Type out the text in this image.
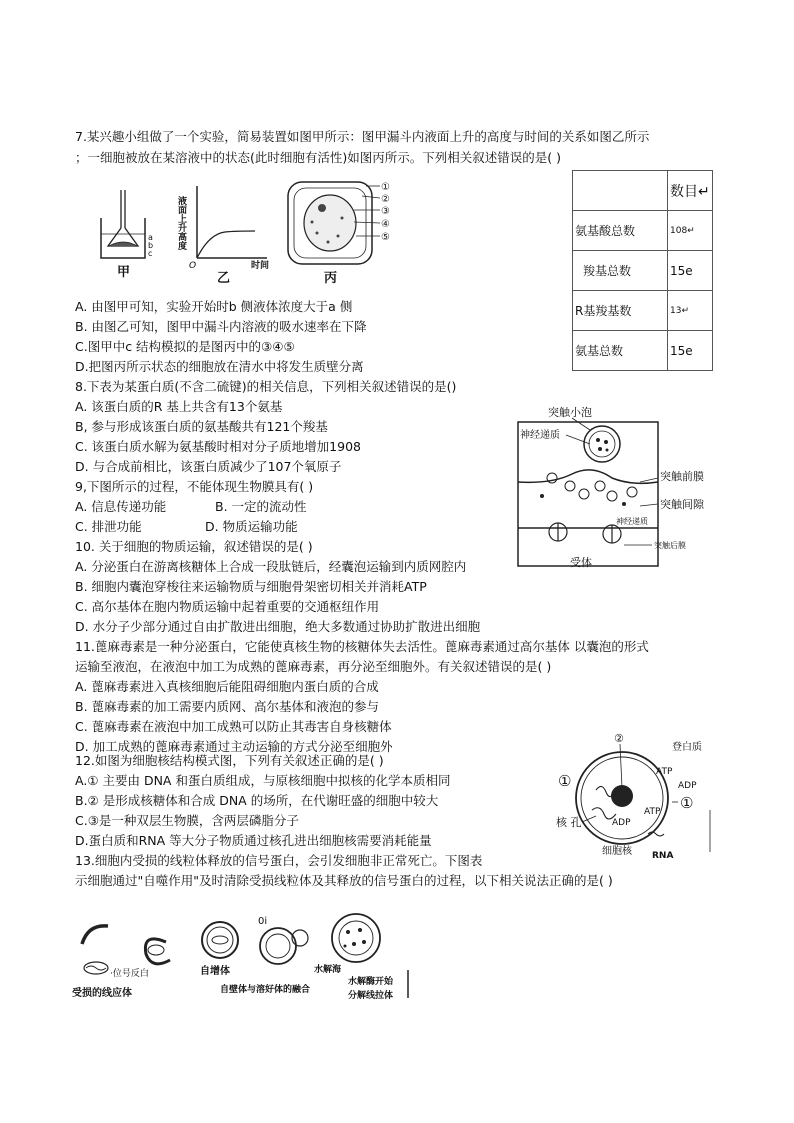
7.某兴趣小组做了一个实验，简易装置如图甲所示：图甲漏斗内液面上升的高度与时间的关系如图乙所示
；一细胞被放在某溶液中的状态(此时细胞有活性)如图丙所示。下列相关叙述错误的是( )
a
b
c
甲
液面上升高度
O	时间
乙
①
②
③
④
⑤
丙
A. 由图甲可知，实验开始时b 侧液体浓度大于a 侧
B. 由图乙可知，图甲中漏斗内溶液的吸水速率在下降
C.图甲中c 结构模拟的是图丙中的③④⑤
D.把图丙所示状态的细胞放在清水中将发生质壁分离
	数目↵
氨基酸总数	108↵
羧基总数	15e
R基羧基数	13↵
氨基总数	15e
8.下表为某蛋白质(不含二硫键)的相关信息，下列相关叙述错误的是()
A. 该蛋白质的R 基上共含有13个氨基
B, 参与形成该蛋白质的氨基酸共有121个羧基
C. 该蛋白质水解为氨基酸时相对分子质地增加1908
D. 与合成前相比，该蛋白质减少了107个氧原子
9,下图所示的过程，不能体现生物膜具有( )
A. 信息传递功能	B. 一定的流动性
C. 排泄功能	D. 物质运输功能
突触小泡
神经递质
突触前膜
突触间隙
神经递质
突触后膜
受体
10. 关于细胞的物质运输，叙述错误的是( )
A. 分泌蛋白在游离核糖体上合成一段肽链后，经囊泡运输到内质网腔内
B. 细胞内囊泡穿梭往来运输物质与细胞骨架密切相关并消耗ATP
C. 高尔基体在胞内物质运输中起着重要的交通枢纽作用
D. 水分子少部分通过自由扩散进出细胞，绝大多数通过协助扩散进出细胞
11.蓖麻毒素是一种分泌蛋白，它能使真核生物的核糖体失去活性。蓖麻毒素通过高尔基体 以囊泡的形式
运输至液泡，在液泡中加工为成熟的蓖麻毒素，再分泌至细胞外。有关叙述错误的是( )
A. 蓖麻毒素进入真核细胞后能阻碍细胞内蛋白质的合成
B. 蓖麻毒素的加工需要内质网、高尔基体和液泡的参与
C. 蓖麻毒素在液泡中加工成熟可以防止其毒害自身核糖体
D. 加工成熟的蓖麻毒素通过主动运输的方式分泌至细胞外
12.如图为细胞核结构模式图，下列有关叙述正确的是( )
A.① 主要由 DNA 和蛋白质组成，与原核细胞中拟核的化学本质相同
B.② 是形成核糖体和合成 DNA 的场所，在代谢旺盛的细胞中较大
C.③是一种双层生物膜，含两层磷脂分子
D.蛋白质和RNA 等大分子物质通过核孔进出细胞核需要消耗能量
②
登白质
ATP
ADP
①
①
核 孔	ADP
ATP
细胞核 RNA
13.细胞内受损的线粒体释放的信号蛋白，会引发细胞非正常死亡。下图表
示细胞通过"自噬作用"及时清除受损线粒体及其释放的信号蛋白的过程，以下相关说法正确的是( )
·位号反白
受损的线应体
自增体
0i
自壁体与溶好体的融合
水解海
水解酶开始
分解线拉体
